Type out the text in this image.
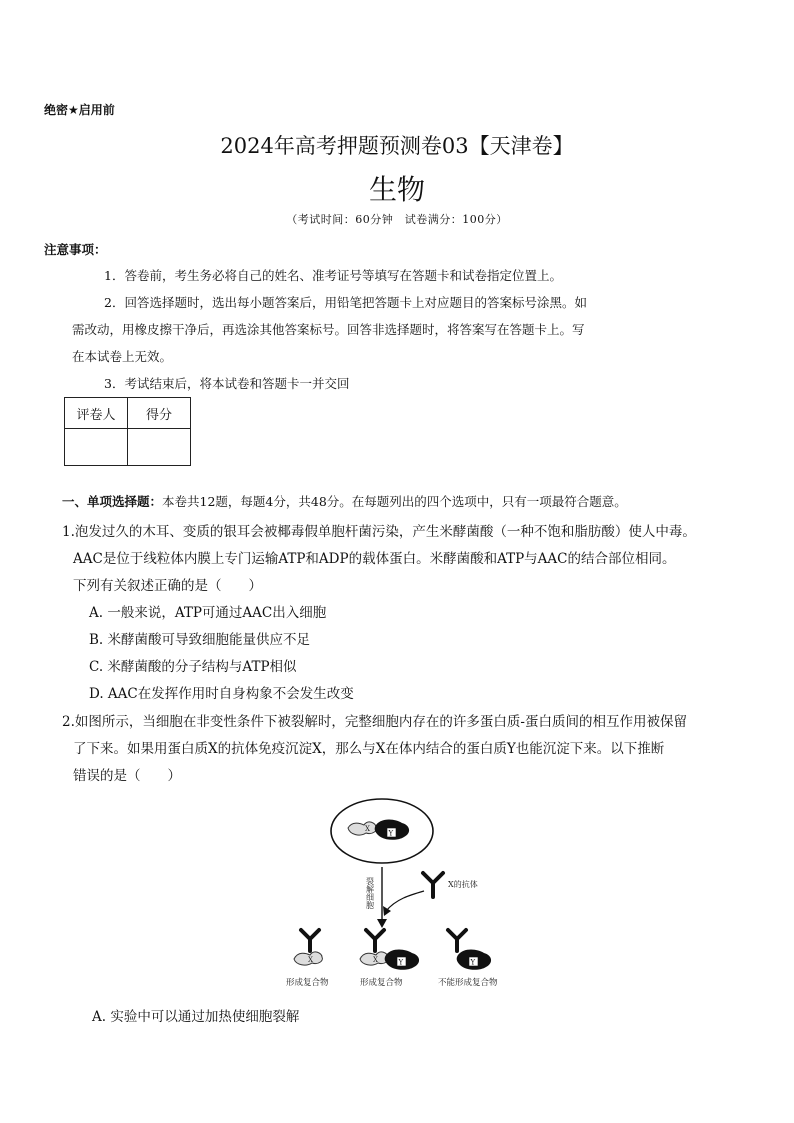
绝密★启用前
2024年高考押题预测卷03【天津卷】
生物
（考试时间：60分钟　试卷满分：100分）
注意事项：
1．答卷前，考生务必将自己的姓名、准考证号等填写在答题卡和试卷指定位置上。
2．回答选择题时，选出每小题答案后，用铅笔把答题卡上对应题目的答案标号涂黑。如
需改动，用橡皮擦干净后，再选涂其他答案标号。回答非选择题时，将答案写在答题卡上。写
在本试卷上无效。
3．考试结束后，将本试卷和答题卡一并交回
评卷人	得分

一、单项选择题：本卷共12题，每题4分，共48分。在每题列出的四个选项中，只有一项最符合题意。
1.泡发过久的木耳、变质的银耳会被椰毒假单胞杆菌污染，产生米酵菌酸（一种不饱和脂肪酸）使人中毒。
AAC是位于线粒体内膜上专门运输ATP和ADP的载体蛋白。米酵菌酸和ATP与AAC的结合部位相同。
下列有关叙述正确的是（　　）
A. 一般来说，ATP可通过AAC出入细胞
B. 米酵菌酸可导致细胞能量供应不足
C. 米酵菌酸的分子结构与ATP相似
D. AAC在发挥作用时自身构象不会发生改变
2.如图所示，当细胞在非变性条件下被裂解时，完整细胞内存在的许多蛋白质-蛋白质间的相互作用被保留
了下来。如果用蛋白质X的抗体免疫沉淀X，那么与X在体内结合的蛋白质Y也能沉淀下来。以下推断
错误的是（　　）
X
Y
裂解细胞	X的抗体
X
形成复合物
X	Y
形成复合物
Y
不能形成复合物
A. 实验中可以通过加热使细胞裂解
